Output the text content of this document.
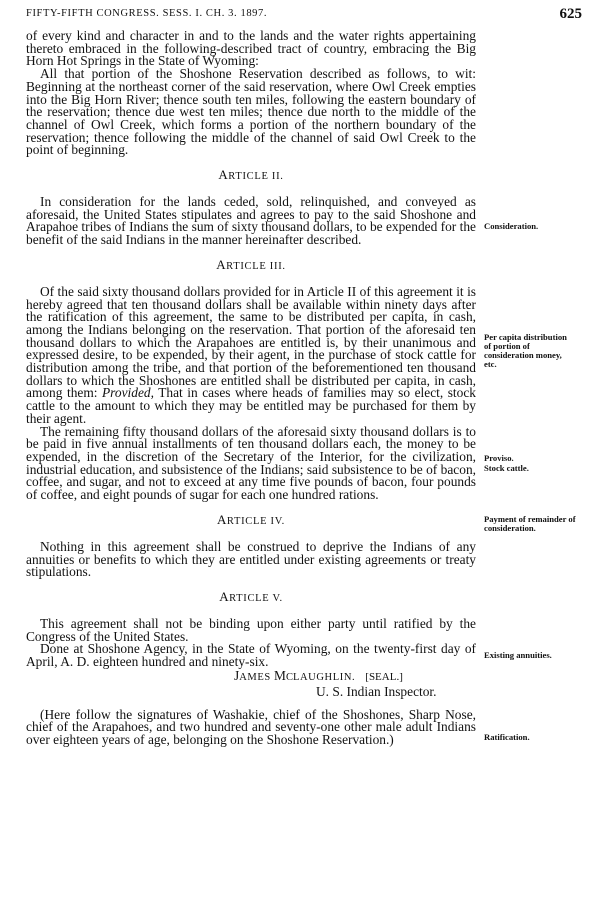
FIFTY-FIFTH CONGRESS. SESS. I. CH. 3. 1897.	625

of every kind and character in and to the lands and the water rights appertaining thereto embraced in the following-described tract of country, embracing the Big Horn Hot Springs in the State of Wyoming:

All that portion of the Shoshone Reservation described as follows, to wit: Beginning at the northeast corner of the said reservation, where Owl Creek empties into the Big Horn River; thence south ten miles, following the eastern boundary of the reservation; thence due west ten miles; thence due north to the middle of the channel of Owl Creek, which forms a portion of the northern boundary of the reservation; thence following the middle of the channel of said Owl Creek to the point of beginning.

ARTICLE II.

In consideration for the lands ceded, sold, relinquished, and conveyed as aforesaid, the United States stipulates and agrees to pay to the said Shoshone and Arapahoe tribes of Indians the sum of sixty thousand dollars, to be expended for the benefit of the said Indians in the manner hereinafter described.

ARTICLE III.

Of the said sixty thousand dollars provided for in Article II of this agreement it is hereby agreed that ten thousand dollars shall be available within ninety days after the ratification of this agreement, the same to be distributed per capita, in cash, among the Indians belonging on the reservation. That portion of the aforesaid ten thousand dollars to which the Arapahoes are entitled is, by their unanimous and expressed desire, to be expended, by their agent, in the purchase of stock cattle for distribution among the tribe, and that portion of the beforementioned ten thousand dollars to which the Shoshones are entitled shall be distributed per capita, in cash, among them: Provided, That in cases where heads of families may so elect, stock cattle to the amount to which they may be entitled may be purchased for them by their agent.

The remaining fifty thousand dollars of the aforesaid sixty thousand dollars is to be paid in five annual installments of ten thousand dollars each, the money to be expended, in the discretion of the Secretary of the Interior, for the civilization, industrial education, and subsistence of the Indians; said subsistence to be of bacon, coffee, and sugar, and not to exceed at any time five pounds of bacon, four pounds of coffee, and eight pounds of sugar for each one hundred rations.

ARTICLE IV.

Nothing in this agreement shall be construed to deprive the Indians of any annuities or benefits to which they are entitled under existing agreements or treaty stipulations.

ARTICLE V.

This agreement shall not be binding upon either party until ratified by the Congress of the United States.

Done at Shoshone Agency, in the State of Wyoming, on the twenty-first day of April, A. D. eighteen hundred and ninety-six.

JAMES MCLAUGHLIN. [SEAL.]

U. S. Indian Inspector.

(Here follow the signatures of Washakie, chief of the Shoshones, Sharp Nose, chief of the Arapahoes, and two hundred and seventy-one other male adult Indians over eighteen years of age, belonging on the Shoshone Reservation.)

Consideration.
Per capita distribution of portion of consideration money, etc.
Proviso.
Stock cattle.
Payment of remainder of consideration.
Existing annuities.
Ratification.
